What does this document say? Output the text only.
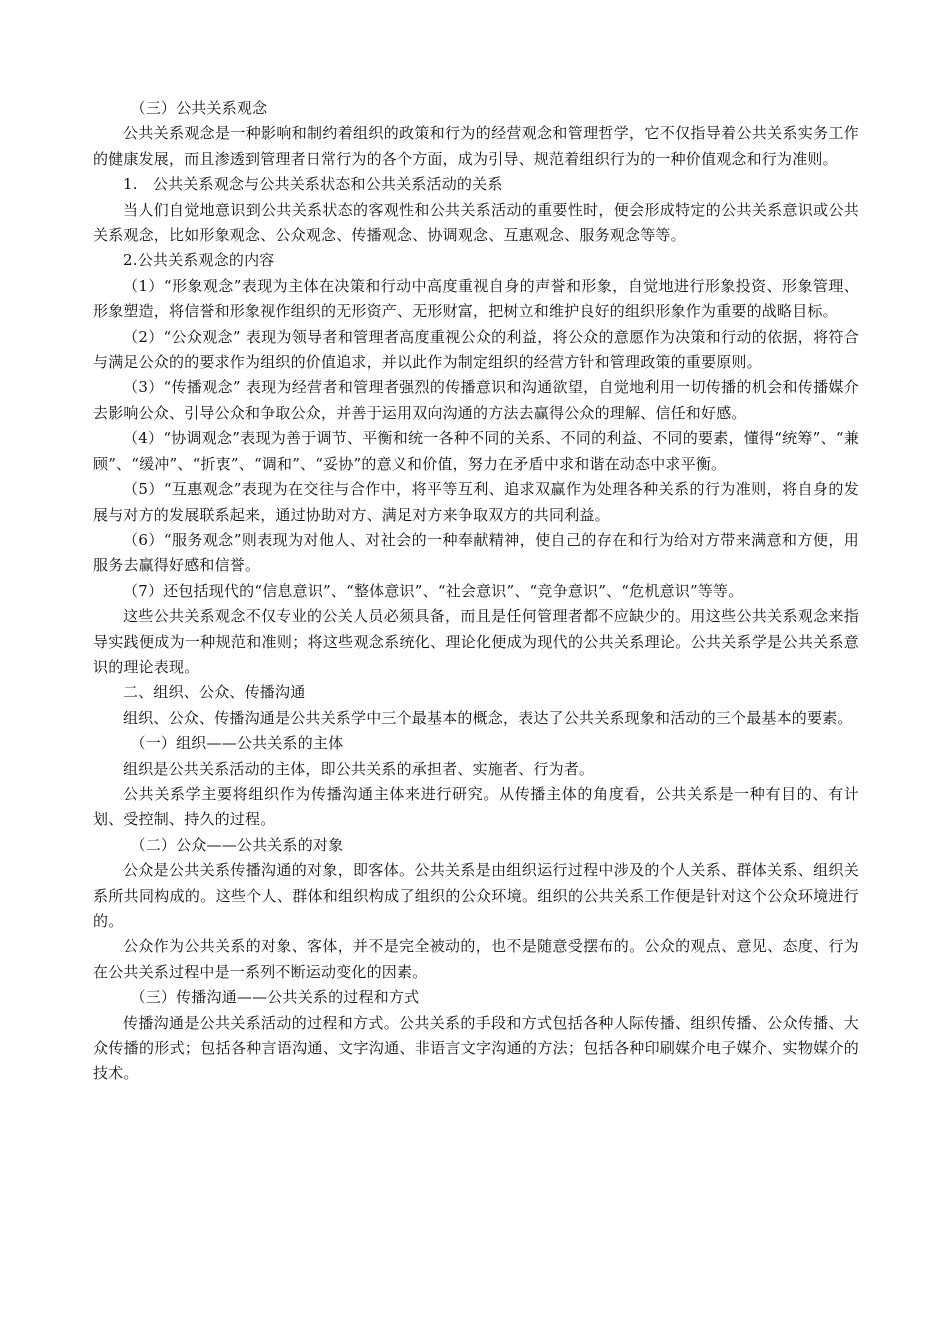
（三）公共关系观念

公共关系观念是一种影响和制约着组织的政策和行为的经营观念和管理哲学，它不仅指导着公共关系实务工作的健康发展，而且渗透到管理者日常行为的各个方面，成为引导、规范着组织行为的一种价值观念和行为准则。

1.　公共关系观念与公共关系状态和公共关系活动的关系

当人们自觉地意识到公共关系状态的客观性和公共关系活动的重要性时，便会形成特定的公共关系意识或公共关系观念，比如形象观念、公众观念、传播观念、协调观念、互惠观念、服务观念等等。

2.公共关系观念的内容

（1）“形象观念”表现为主体在决策和行动中高度重视自身的声誉和形象，自觉地进行形象投资、形象管理、形象塑造，将信誉和形象视作组织的无形资产、无形财富，把树立和维护良好的组织形象作为重要的战略目标。

（2）“公众观念” 表现为领导者和管理者高度重视公众的利益，将公众的意愿作为决策和行动的依据，将符合与满足公众的的要求作为组织的价值追求，并以此作为制定组织的经营方针和管理政策的重要原则。

（3）“传播观念” 表现为经营者和管理者强烈的传播意识和沟通欲望，自觉地利用一切传播的机会和传播媒介去影响公众、引导公众和争取公众，并善于运用双向沟通的方法去赢得公众的理解、信任和好感。

（4）“协调观念”表现为善于调节、平衡和统一各种不同的关系、不同的利益、不同的要素，懂得“统筹”、“兼顾”、“缓冲”、“折衷”、“调和”、“妥协”的意义和价值，努力在矛盾中求和谐在动态中求平衡。

（5）“互惠观念”表现为在交往与合作中，将平等互利、追求双赢作为处理各种关系的行为准则，将自身的发展与对方的发展联系起来，通过协助对方、满足对方来争取双方的共同利益。

（6）“服务观念”则表现为对他人、对社会的一种奉献精神，使自己的存在和行为给对方带来满意和方便，用服务去赢得好感和信誉。

（7）还包括现代的“信息意识”、“整体意识”、“社会意识”、“竞争意识”、“危机意识”等等。

这些公共关系观念不仅专业的公关人员必须具备，而且是任何管理者都不应缺少的。用这些公共关系观念来指导实践便成为一种规范和准则；将这些观念系统化、理论化便成为现代的公共关系理论。公共关系学是公共关系意识的理论表现。

二、组织、公众、传播沟通

组织、公众、传播沟通是公共关系学中三个最基本的概念，表达了公共关系现象和活动的三个最基本的要素。

（一）组织——公共关系的主体

组织是公共关系活动的主体，即公共关系的承担者、实施者、行为者。

公共关系学主要将组织作为传播沟通主体来进行研究。从传播主体的角度看，公共关系是一种有目的、有计划、受控制、持久的过程。

（二）公众——公共关系的对象

公众是公共关系传播沟通的对象，即客体。公共关系是由组织运行过程中涉及的个人关系、群体关系、组织关系所共同构成的。这些个人、群体和组织构成了组织的公众环境。组织的公共关系工作便是针对这个公众环境进行的。

公众作为公共关系的对象、客体，并不是完全被动的，也不是随意受摆布的。公众的观点、意见、态度、行为在公共关系过程中是一系列不断运动变化的因素。

（三）传播沟通——公共关系的过程和方式

传播沟通是公共关系活动的过程和方式。公共关系的手段和方式包括各种人际传播、组织传播、公众传播、大众传播的形式；包括各种言语沟通、文字沟通、非语言文字沟通的方法；包括各种印刷媒介电子媒介、实物媒介的技术。
